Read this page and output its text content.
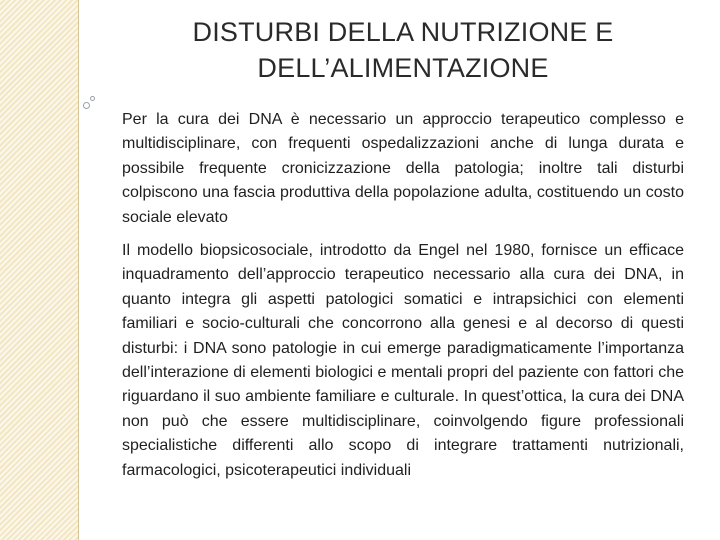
DISTURBI DELLA NUTRIZIONE E DELL’ALIMENTAZIONE

Per la cura dei DNA è necessario un approccio terapeutico complesso e multidisciplinare, con frequenti ospedalizzazioni anche di lunga durata e possibile frequente cronicizzazione della patologia; inoltre tali disturbi colpiscono una fascia produttiva della popolazione adulta, costituendo un costo sociale elevato

Il modello biopsicosociale, introdotto da Engel nel 1980, fornisce un efficace inquadramento dell’approccio terapeutico necessario alla cura dei DNA, in quanto integra gli aspetti patologici somatici e intrapsichici con elementi familiari e socio-culturali che concorrono alla genesi e al decorso di questi disturbi: i DNA sono patologie in cui emerge paradigmaticamente l’importanza dell’interazione di elementi biologici e mentali propri del paziente con fattori che riguardano il suo ambiente familiare e culturale. In quest’ottica, la cura dei DNA non può che essere multidisciplinare, coinvolgendo figure professionali specialistiche differenti allo scopo di integrare trattamenti nutrizionali, farmacologici, psicoterapeutici individuali
